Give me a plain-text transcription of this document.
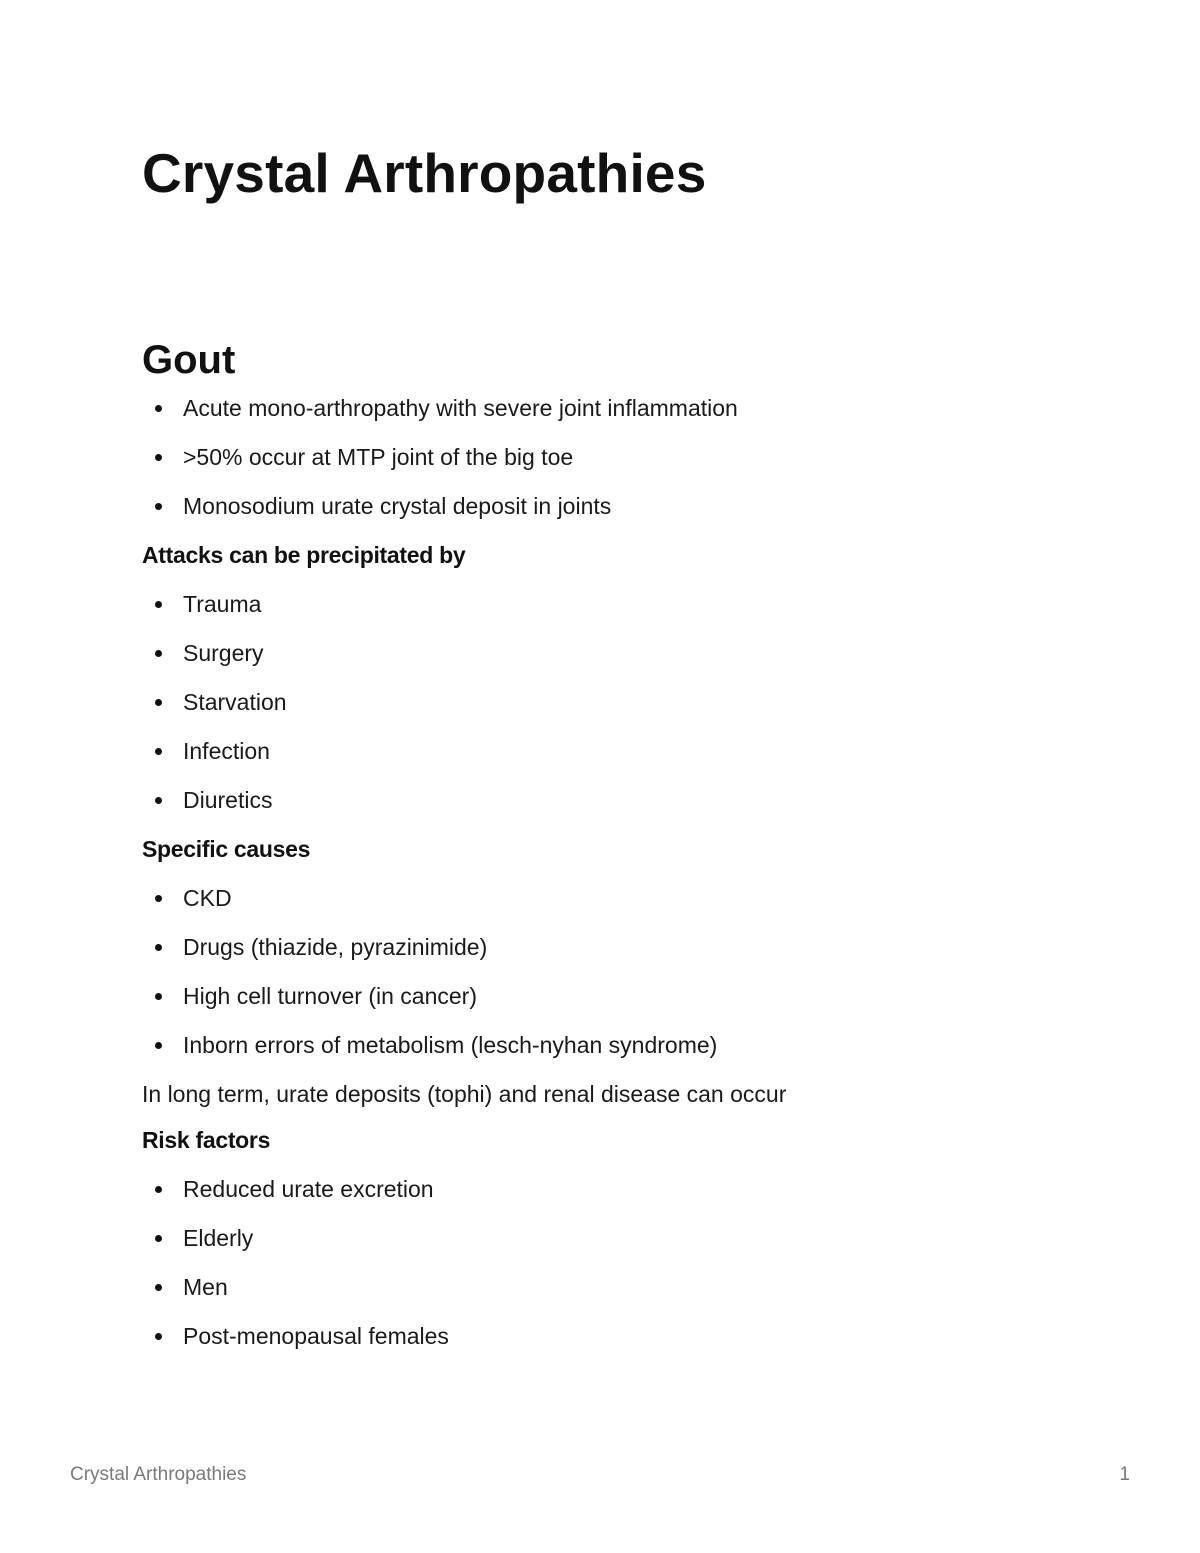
Crystal Arthropathies
Gout
Acute mono-arthropathy with severe joint inflammation
>50% occur at MTP joint of the big toe
Monosodium urate crystal deposit in joints
Attacks can be precipitated by
Trauma
Surgery
Starvation
Infection
Diuretics
Specific causes
CKD
Drugs (thiazide, pyrazinimide)
High cell turnover (in cancer)
Inborn errors of metabolism (lesch-nyhan syndrome)

In long term, urate deposits (tophi) and renal disease can occur

Risk factors
Reduced urate excretion
Elderly
Men
Post-menopausal females
Crystal Arthropathies	1
